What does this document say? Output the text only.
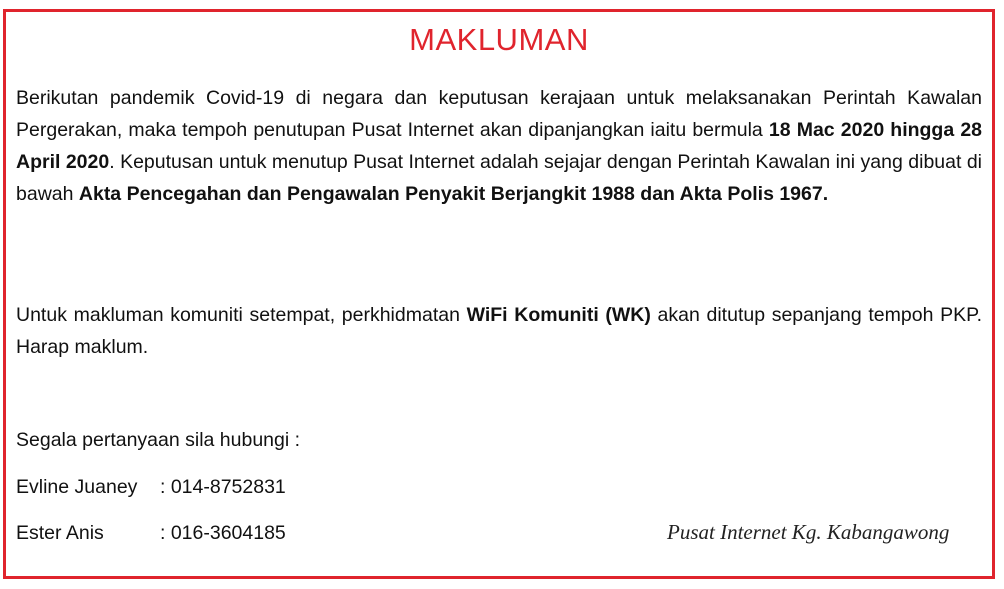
MAKLUMAN

Berikutan pandemik Covid-19 di negara dan keputusan kerajaan untuk melaksanakan Perintah Kawalan Pergerakan, maka tempoh penutupan Pusat Internet akan dipanjangkan iaitu bermula 18 Mac 2020 hingga 28 April 2020. Keputusan untuk menutup Pusat Internet adalah sejajar dengan Perintah Kawalan ini yang dibuat di bawah Akta Pencegahan dan Pengawalan Penyakit Berjangkit 1988 dan Akta Polis 1967.

Untuk makluman komuniti setempat, perkhidmatan WiFi Komuniti (WK) akan ditutup sepanjang tempoh PKP. Harap maklum.

Segala pertanyaan sila hubungi :
Evline Juaney : 014-8752831
Ester Anis	: 016-3604185	Pusat Internet Kg. Kabangawong
